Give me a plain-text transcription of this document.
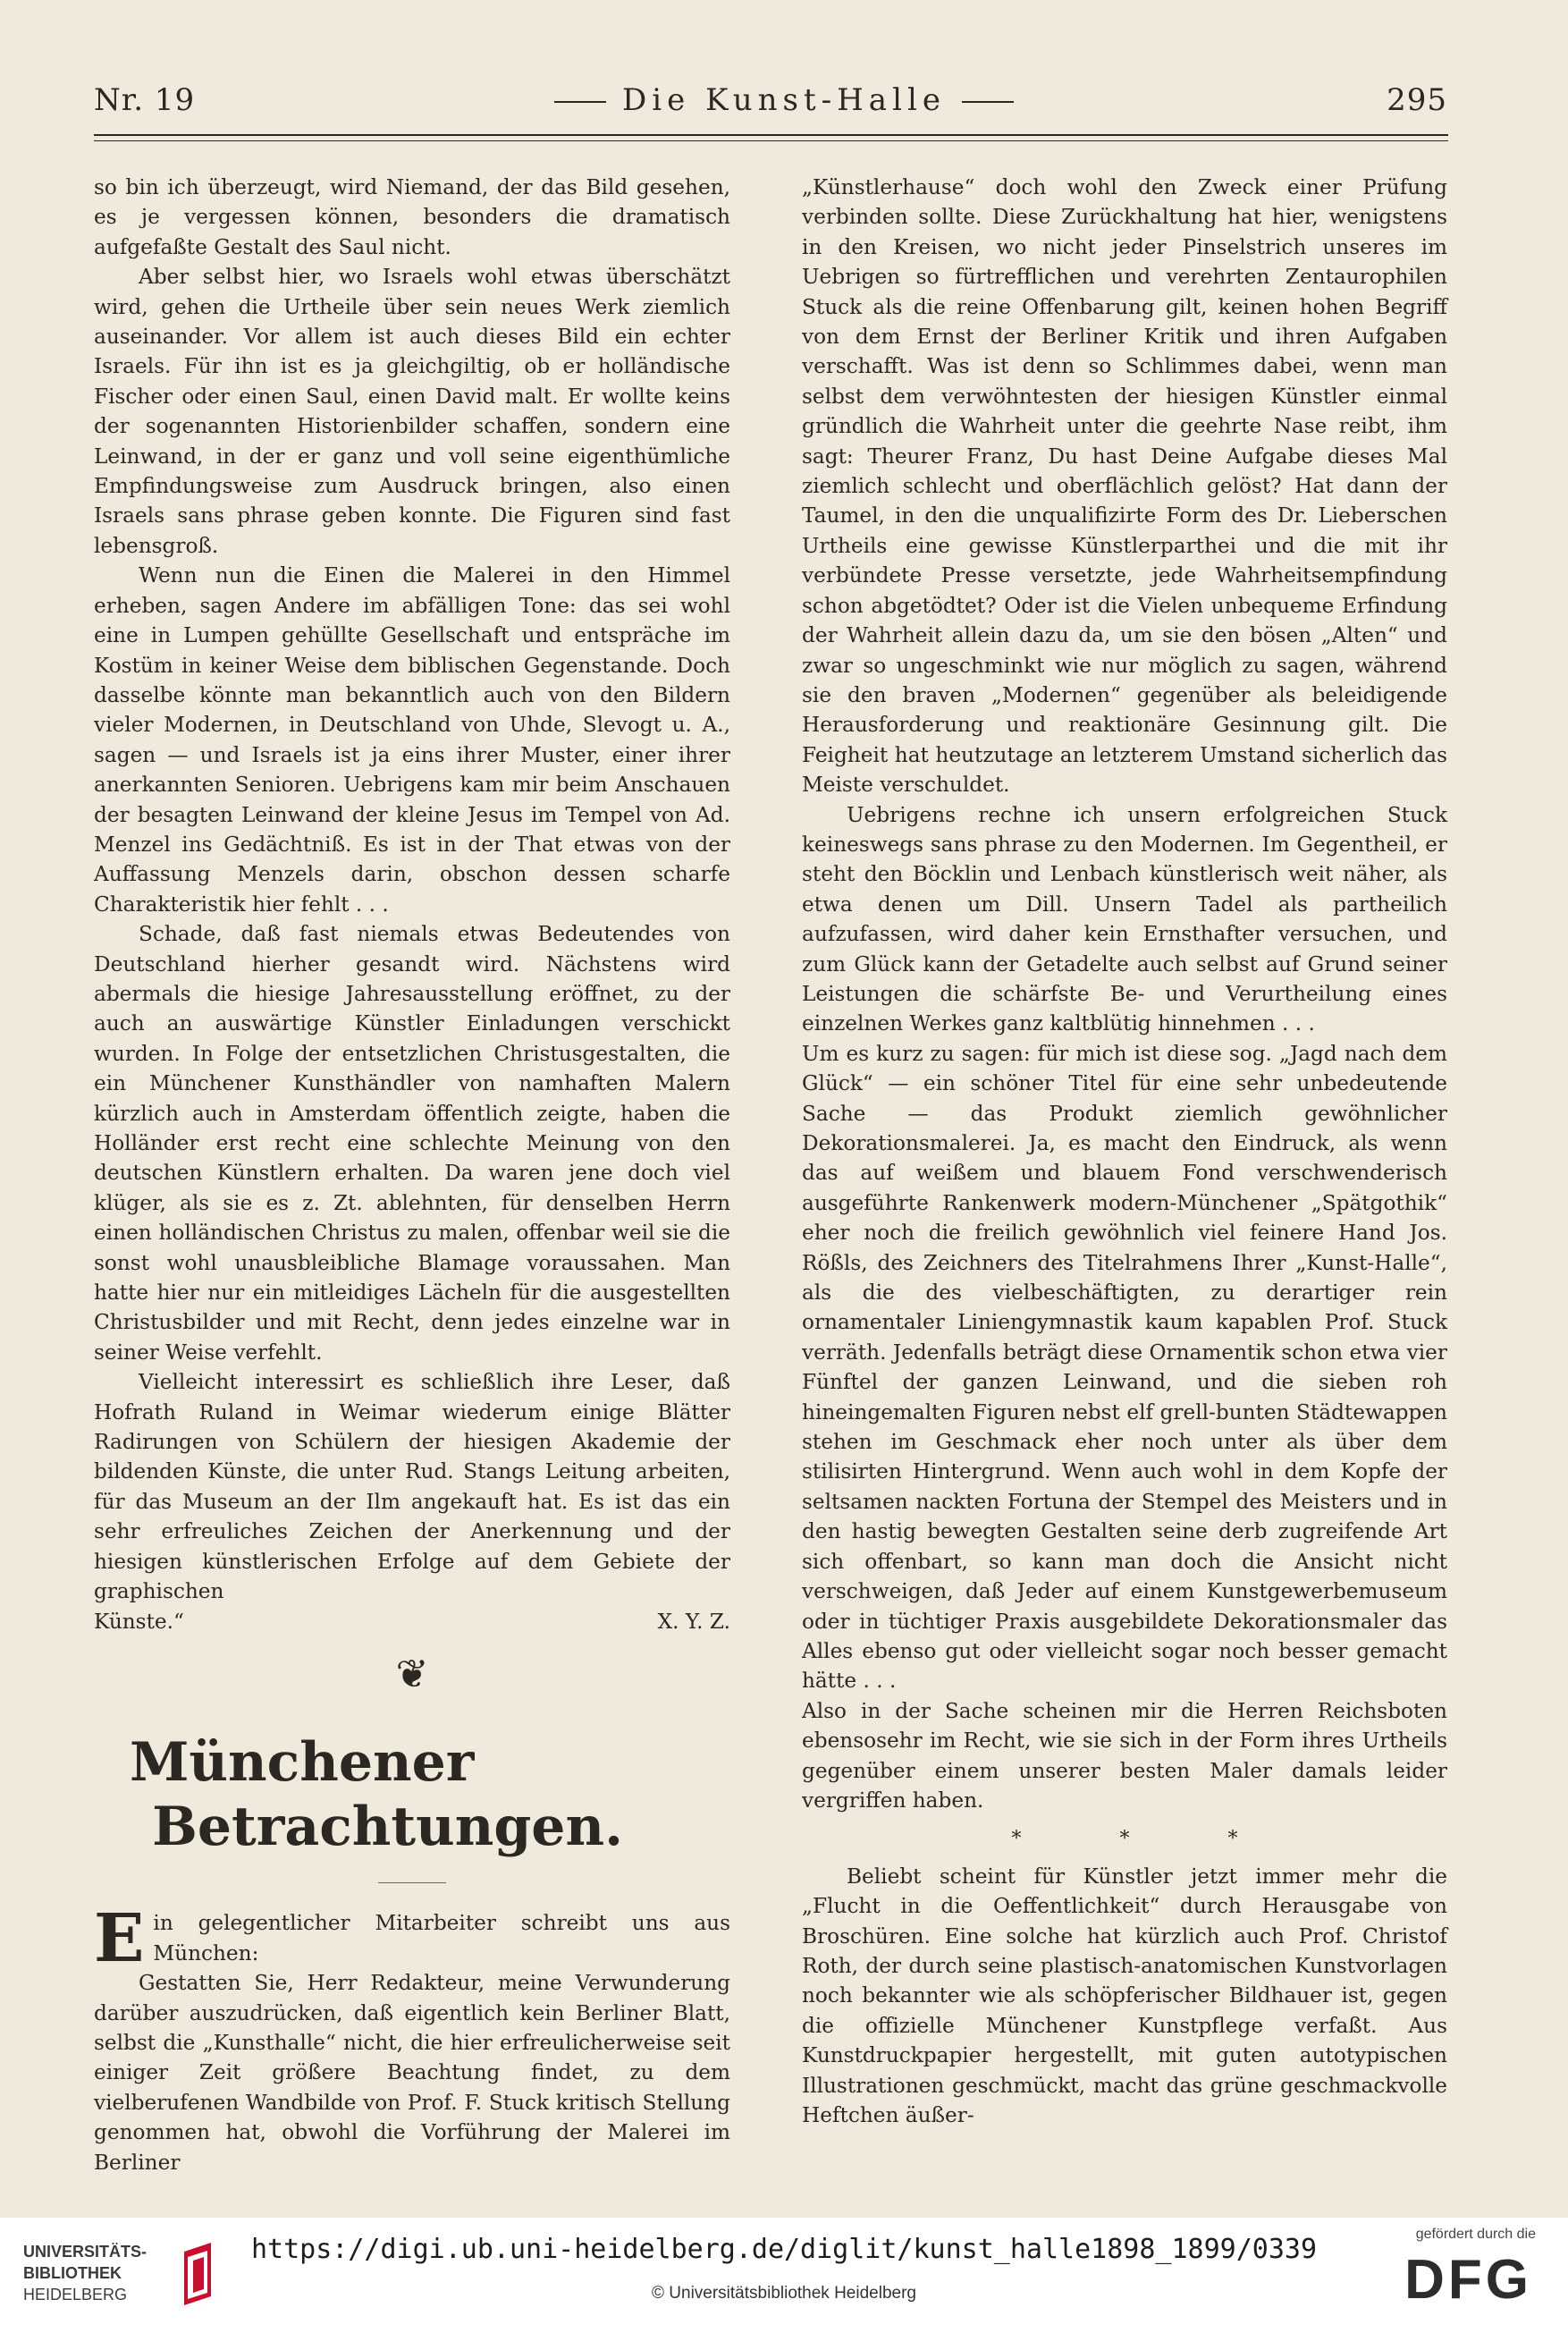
Nr. 19	Die Kunst-Halle	295

so bin ich überzeugt, wird Niemand, der das Bild gesehen, es je vergessen können, besonders die dramatisch aufgefaßte Gestalt des Saul nicht.

Aber selbst hier, wo Israels wohl etwas überschätzt wird, gehen die Urtheile über sein neues Werk ziemlich auseinander. Vor allem ist auch dieses Bild ein echter Israels. Für ihn ist es ja gleichgiltig, ob er holländische Fischer oder einen Saul, einen David malt. Er wollte keins der sogenannten Historienbilder schaffen, sondern eine Leinwand, in der er ganz und voll seine eigenthümliche Empfindungsweise zum Ausdruck bringen, also einen Israels sans phrase geben konnte. Die Figuren sind fast lebensgroß.

Wenn nun die Einen die Malerei in den Himmel erheben, sagen Andere im abfälligen Tone: das sei wohl eine in Lumpen gehüllte Gesellschaft und entspräche im Kostüm in keiner Weise dem biblischen Gegenstande. Doch dasselbe könnte man bekanntlich auch von den Bildern vieler Modernen, in Deutschland von Uhde, Slevogt u. A., sagen — und Israels ist ja eins ihrer Muster, einer ihrer anerkannten Senioren. Uebrigens kam mir beim Anschauen der besagten Leinwand der kleine Jesus im Tempel von Ad. Menzel ins Gedächtniß. Es ist in der That etwas von der Auffassung Menzels darin, obschon dessen scharfe Charakteristik hier fehlt . . .

Schade, daß fast niemals etwas Bedeutendes von Deutschland hierher gesandt wird. Nächstens wird abermals die hiesige Jahresausstellung eröffnet, zu der auch an auswärtige Künstler Einladungen verschickt wurden. In Folge der entsetzlichen Christusgestalten, die ein Münchener Kunsthändler von namhaften Malern kürzlich auch in Amsterdam öffentlich zeigte, haben die Holländer erst recht eine schlechte Meinung von den deutschen Künstlern erhalten. Da waren jene doch viel klüger, als sie es z. Zt. ablehnten, für denselben Herrn einen holländischen Christus zu malen, offenbar weil sie die sonst wohl unausbleibliche Blamage voraussahen. Man hatte hier nur ein mitleidiges Lächeln für die ausgestellten Christusbilder und mit Recht, denn jedes einzelne war in seiner Weise verfehlt.

Vielleicht interessirt es schließlich ihre Leser, daß Hofrath Ruland in Weimar wiederum einige Blätter Radirungen von Schülern der hiesigen Akademie der bildenden Künste, die unter Rud. Stangs Leitung arbeiten, für das Museum an der Ilm angekauft hat. Es ist das ein sehr erfreuliches Zeichen der Anerkennung und der hiesigen künstlerischen Erfolge auf dem Gebiete der graphischen

Künste.“	X. Y. Z.
❦
Münchener
Betrachtungen.

Ein gelegentlicher Mitarbeiter schreibt uns aus München:

Gestatten Sie, Herr Redakteur, meine Verwunderung darüber auszudrücken, daß eigentlich kein Berliner Blatt, selbst die „Kunsthalle“ nicht, die hier erfreulicherweise seit einiger Zeit größere Beachtung findet, zu dem vielberufenen Wandbilde von Prof. F. Stuck kritisch Stellung genommen hat, obwohl die Vorführung der Malerei im Berliner

„Künstlerhause“ doch wohl den Zweck einer Prüfung verbinden sollte. Diese Zurückhaltung hat hier, wenigstens in den Kreisen, wo nicht jeder Pinselstrich unseres im Uebrigen so fürtrefflichen und verehrten Zentaurophilen Stuck als die reine Offenbarung gilt, keinen hohen Begriff von dem Ernst der Berliner Kritik und ihren Aufgaben verschafft. Was ist denn so Schlimmes dabei, wenn man selbst dem verwöhntesten der hiesigen Künstler einmal gründlich die Wahrheit unter die geehrte Nase reibt, ihm sagt: Theurer Franz, Du hast Deine Aufgabe dieses Mal ziemlich schlecht und oberflächlich gelöst? Hat dann der Taumel, in den die unqualifizirte Form des Dr. Lieberschen Urtheils eine gewisse Künstlerparthei und die mit ihr verbündete Presse versetzte, jede Wahrheitsempfindung schon abgetödtet? Oder ist die Vielen unbequeme Erfindung der Wahrheit allein dazu da, um sie den bösen „Alten“ und zwar so ungeschminkt wie nur möglich zu sagen, während sie den braven „Modernen“ gegenüber als beleidigende Herausforderung und reaktionäre Gesinnung gilt. Die Feigheit hat heutzutage an letzterem Umstand sicherlich das Meiste verschuldet.

Uebrigens rechne ich unsern erfolgreichen Stuck keineswegs sans phrase zu den Modernen. Im Gegentheil, er steht den Böcklin und Lenbach künstlerisch weit näher, als etwa denen um Dill. Unsern Tadel als partheilich aufzufassen, wird daher kein Ernsthafter versuchen, und zum Glück kann der Getadelte auch selbst auf Grund seiner Leistungen die schärfste Be- und Verurtheilung eines einzelnen Werkes ganz kaltblütig hinnehmen . . .

Um es kurz zu sagen: für mich ist diese sog. „Jagd nach dem Glück“ — ein schöner Titel für eine sehr unbedeutende Sache — das Produkt ziemlich gewöhnlicher Dekorationsmalerei. Ja, es macht den Eindruck, als wenn das auf weißem und blauem Fond verschwenderisch ausgeführte Rankenwerk modern-Münchener „Spätgothik“ eher noch die freilich gewöhnlich viel feinere Hand Jos. Rößls, des Zeichners des Titelrahmens Ihrer „Kunst-Halle“, als die des vielbeschäftigten, zu derartiger rein ornamentaler Liniengymnastik kaum kapablen Prof. Stuck verräth. Jedenfalls beträgt diese Ornamentik schon etwa vier Fünftel der ganzen Leinwand, und die sieben roh hineingemalten Figuren nebst elf grell-bunten Städtewappen stehen im Geschmack eher noch unter als über dem stilisirten Hintergrund. Wenn auch wohl in dem Kopfe der seltsamen nackten Fortuna der Stempel des Meisters und in den hastig bewegten Gestalten seine derb zugreifende Art sich offenbart, so kann man doch die Ansicht nicht verschweigen, daß Jeder auf einem Kunstgewerbemuseum oder in tüchtiger Praxis ausgebildete Dekorationsmaler das Alles ebenso gut oder vielleicht sogar noch besser gemacht hätte . . .

Also in der Sache scheinen mir die Herren Reichsboten ebensosehr im Recht, wie sie sich in der Form ihres Urtheils gegenüber einem unserer besten Maler damals leider vergriffen haben.

*	*	*

Beliebt scheint für Künstler jetzt immer mehr die „Flucht in die Oeffentlichkeit“ durch Herausgabe von Broschüren. Eine solche hat kürzlich auch Prof. Christof Roth, der durch seine plastisch-anatomischen Kunstvorlagen noch bekannter wie als schöpferischer Bildhauer ist, gegen die offizielle Münchener Kunstpflege verfaßt. Aus Kunstdruckpapier hergestellt, mit guten autotypischen Illustrationen geschmückt, macht das grüne geschmackvolle Heftchen äußer-

UNIVERSITÄTS-
BIBLIOTHEK
HEIDELBERG
https://digi.ub.uni-heidelberg.de/diglit/kunst_halle1898_1899/0339
© Universitätsbibliothek Heidelberg
gefördert durch die
DFG
